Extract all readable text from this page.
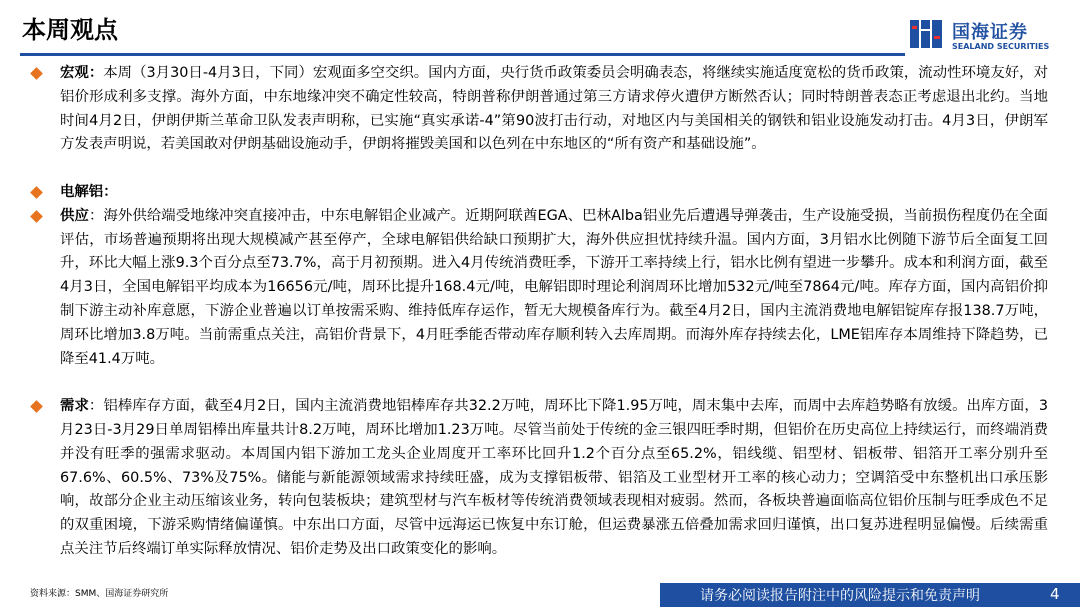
本周观点	国海证券
SEALAND SECURITIES
宏观：本周（3月30日-4月3日，下同）宏观面多空交织。国内方面，央行货币政策委员会明确表态，将继续实施适度宽松的货币政策，流动性环境友好，对铝价形成利多支撑。海外方面，中东地缘冲突不确定性较高，特朗普称伊朗普通过第三方请求停火遭伊方断然否认；同时特朗普表态正考虑退出北约。当地时间4月2日，伊朗伊斯兰革命卫队发表声明称，已实施“真实承诺-4”第90波打击行动，对地区内与美国相关的钢铁和铝业设施发动打击。4月3日，伊朗军方发表声明说，若美国敢对伊朗基础设施动手，伊朗将摧毁美国和以色列在中东地区的“所有资产和基础设施”。
电解铝：
供应：海外供给端受地缘冲突直接冲击，中东电解铝企业减产。近期阿联酋EGA、巴林Alba铝业先后遭遇导弹袭击，生产设施受损，当前损伤程度仍在全面评估，市场普遍预期将出现大规模减产甚至停产，全球电解铝供给缺口预期扩大，海外供应担忧持续升温。国内方面，3月铝水比例随下游节后全面复工回升，环比大幅上涨9.3个百分点至73.7%，高于月初预期。进入4月传统消费旺季，下游开工率持续上行，铝水比例有望进一步攀升。成本和利润方面，截至4月3日，全国电解铝平均成本为16656元/吨，周环比提升168.4元/吨，电解铝即时理论利润周环比增加532元/吨至7864元/吨。库存方面，国内高铝价抑制下游主动补库意愿，下游企业普遍以订单按需采购、维持低库存运作，暂无大规模备库行为。截至4月2日，国内主流消费地电解铝锭库存报138.7万吨，周环比增加3.8万吨。当前需重点关注，高铝价背景下，4月旺季能否带动库存顺利转入去库周期。而海外库存持续去化，LME铝库存本周维持下降趋势，已降至41.4万吨。
需求：铝棒库存方面，截至4月2日，国内主流消费地铝棒库存共32.2万吨，周环比下降1.95万吨，周末集中去库，而周中去库趋势略有放缓。出库方面，3月23日-3月29日单周铝棒出库量共计8.2万吨，周环比增加1.23万吨。尽管当前处于传统的金三银四旺季时期，但铝价在历史高位上持续运行，而终端消费并没有旺季的强需求驱动。本周国内铝下游加工龙头企业周度开工率环比回升1.2个百分点至65.2%，铝线缆、铝型材、铝板带、铝箔开工率分别升至67.6%、60.5%、73%及75%。储能与新能源领域需求持续旺盛，成为支撑铝板带、铝箔及工业型材开工率的核心动力；空调箔受中东整机出口承压影响，故部分企业主动压缩该业务，转向包装板块；建筑型材与汽车板材等传统消费领域表现相对疲弱。然而，各板块普遍面临高位铝价压制与旺季成色不足的双重困境，下游采购情绪偏谨慎。中东出口方面，尽管中远海运已恢复中东订舱，但运费暴涨五倍叠加需求回归谨慎，出口复苏进程明显偏慢。后续需重点关注节后终端订单实际释放情况、铝价走势及出口政策变化的影响。
资料来源：SMM、国海证券研究所	请务必阅读报告附注中的风险提示和免责声明	4
